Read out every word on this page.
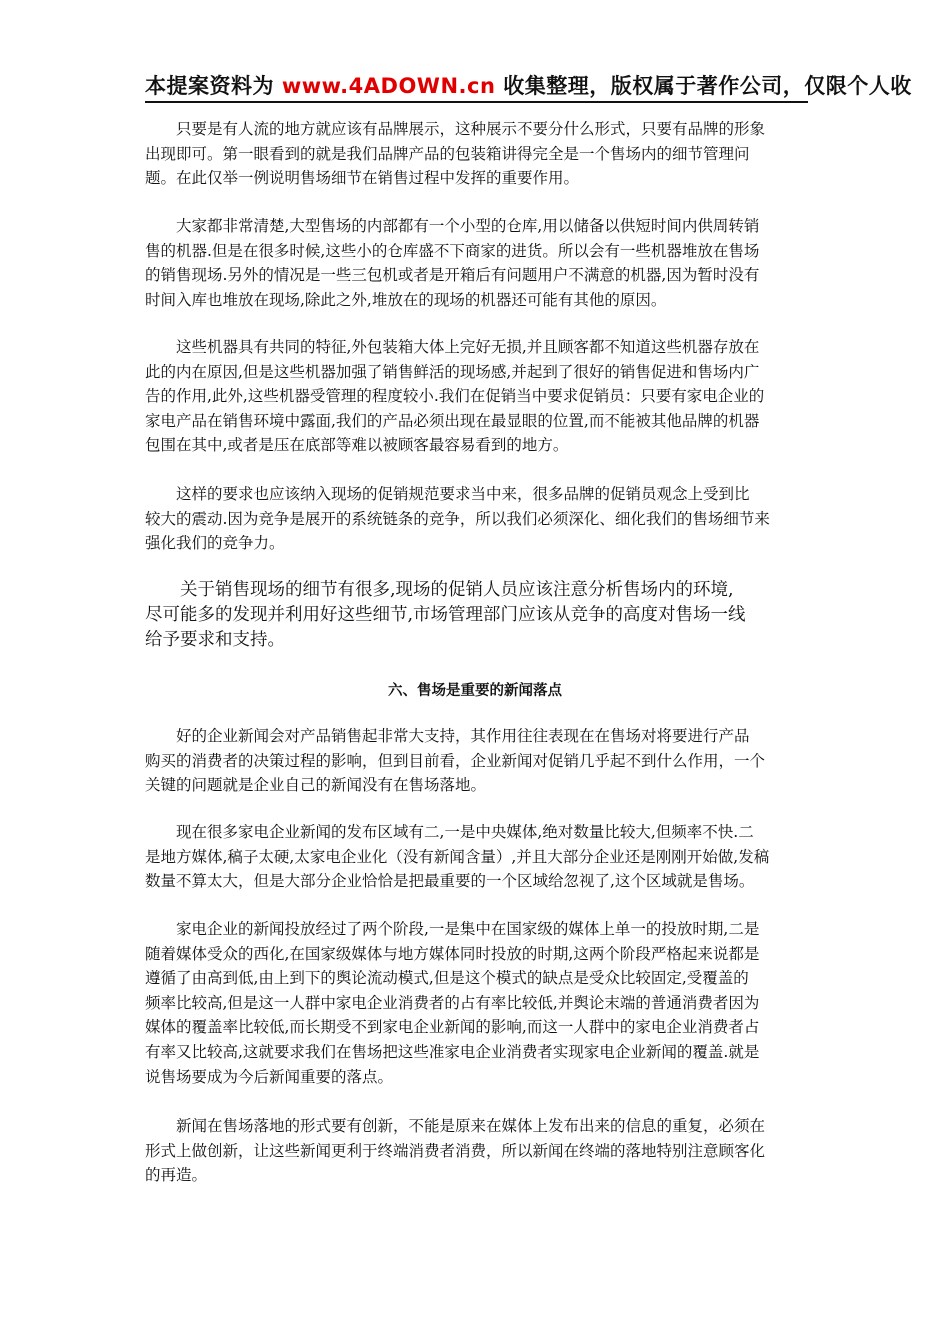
本提案资料为 www.4ADOWN.cn 收集整理，版权属于著作公司，仅限个人收
　　只要是有人流的地方就应该有品牌展示，这种展示不要分什么形式，只要有品牌的形象
出现即可。第一眼看到的就是我们品牌产品的包装箱讲得完全是一个售场内的细节管理问
题。在此仅举一例说明售场细节在销售过程中发挥的重要作用。
　　大家都非常清楚,大型售场的内部都有一个小型的仓库,用以储备以供短时间内供周转销
售的机器.但是在很多时候,这些小的仓库盛不下商家的进货。所以会有一些机器堆放在售场
的销售现场.另外的情况是一些三包机或者是开箱后有问题用户不满意的机器,因为暂时没有
时间入库也堆放在现场,除此之外,堆放在的现场的机器还可能有其他的原因。
　　这些机器具有共同的特征,外包装箱大体上完好无损,并且顾客都不知道这些机器存放在
此的内在原因,但是这些机器加强了销售鲜活的现场感,并起到了很好的销售促进和售场内广
告的作用,此外,这些机器受管理的程度较小.我们在促销当中要求促销员：只要有家电企业的
家电产品在销售环境中露面,我们的产品必须出现在最显眼的位置,而不能被其他品牌的机器
包围在其中,或者是压在底部等难以被顾客最容易看到的地方。
　　这样的要求也应该纳入现场的促销规范要求当中来，很多品牌的促销员观念上受到比
较大的震动.因为竞争是展开的系统链条的竞争，所以我们必须深化、细化我们的售场细节来
强化我们的竞争力。
　　关于销售现场的细节有很多,现场的促销人员应该注意分析售场内的环境,
尽可能多的发现并利用好这些细节,市场管理部门应该从竞争的高度对售场一线
给予要求和支持。
　　好的企业新闻会对产品销售起非常大支持，其作用往往表现在在售场对将要进行产品
购买的消费者的决策过程的影响，但到目前看，企业新闻对促销几乎起不到什么作用，一个
关键的问题就是企业自己的新闻没有在售场落地。
　　现在很多家电企业新闻的发布区域有二,一是中央媒体,绝对数量比较大,但频率不快.二
是地方媒体,稿子太硬,太家电企业化（没有新闻含量）,并且大部分企业还是刚刚开始做,发稿
数量不算太大，但是大部分企业恰恰是把最重要的一个区域给忽视了,这个区域就是售场。
　　家电企业的新闻投放经过了两个阶段,一是集中在国家级的媒体上单一的投放时期,二是
随着媒体受众的西化,在国家级媒体与地方媒体同时投放的时期,这两个阶段严格起来说都是
遵循了由高到低,由上到下的舆论流动模式,但是这个模式的缺点是受众比较固定,受覆盖的
频率比较高,但是这一人群中家电企业消费者的占有率比较低,并舆论末端的普通消费者因为
媒体的覆盖率比较低,而长期受不到家电企业新闻的影响,而这一人群中的家电企业消费者占
有率又比较高,这就要求我们在售场把这些准家电企业消费者实现家电企业新闻的覆盖.就是
说售场要成为今后新闻重要的落点。
　　新闻在售场落地的形式要有创新，不能是原来在媒体上发布出来的信息的重复，必须在
形式上做创新，让这些新闻更利于终端消费者消费，所以新闻在终端的落地特别注意顾客化
的再造。
六、售场是重要的新闻落点
